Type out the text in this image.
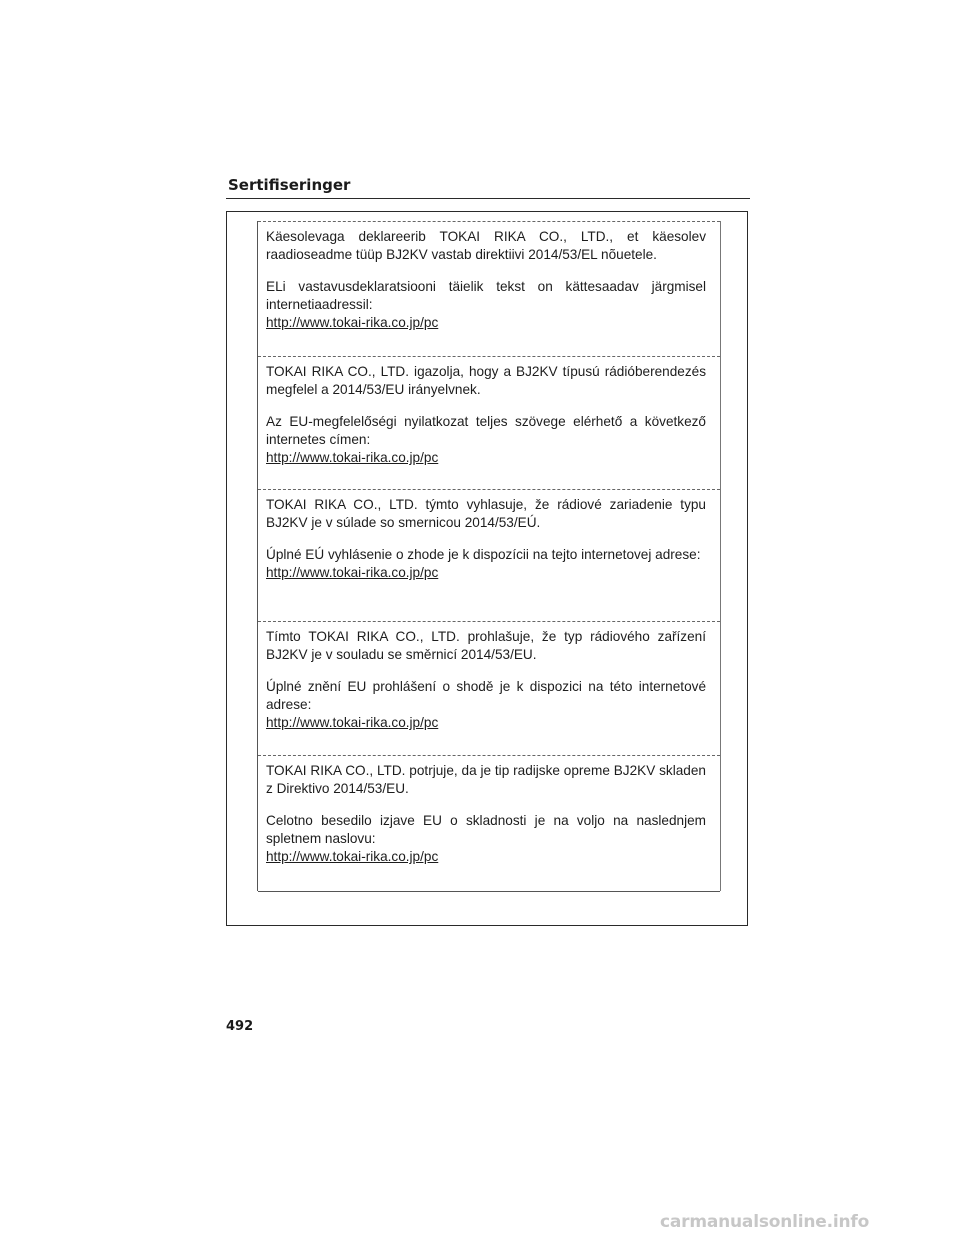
Sertifiseringer

Käesolevaga deklareerib TOKAI RIKA CO., LTD., et käesolev raadioseadme tüüp BJ2KV vastab direktiivi 2014/53/EL nõuetele.

ELi vastavusdeklaratsiooni täielik tekst on kättesaadav järgmisel internetiaadressil:

http://www.tokai-rika.co.jp/pc

TOKAI RIKA CO., LTD. igazolja, hogy a BJ2KV típusú rádióberendezés megfelel a 2014/53/EU irányelvnek.

Az EU-megfelelőségi nyilatkozat teljes szövege elérhető a következő internetes címen:

http://www.tokai-rika.co.jp/pc

TOKAI RIKA CO., LTD. týmto vyhlasuje, že rádiové zariadenie typu BJ2KV je v súlade so smernicou 2014/53/EÚ.

Úplné EÚ vyhlásenie o zhode je k dispozícii na tejto internetovej adrese:

http://www.tokai-rika.co.jp/pc

Tímto TOKAI RIKA CO., LTD. prohlašuje, že typ rádiového zařízení BJ2KV je v souladu se směrnicí 2014/53/EU.

Úplné znění EU prohlášení o shodě je k dispozici na této internetové adrese:

http://www.tokai-rika.co.jp/pc

TOKAI RIKA CO., LTD. potrjuje, da je tip radijske opreme BJ2KV skladen z Direktivo 2014/53/EU.

Celotno besedilo izjave EU o skladnosti je na voljo na naslednjem spletnem naslovu:

http://www.tokai-rika.co.jp/pc

492

carmanualsonline.info
